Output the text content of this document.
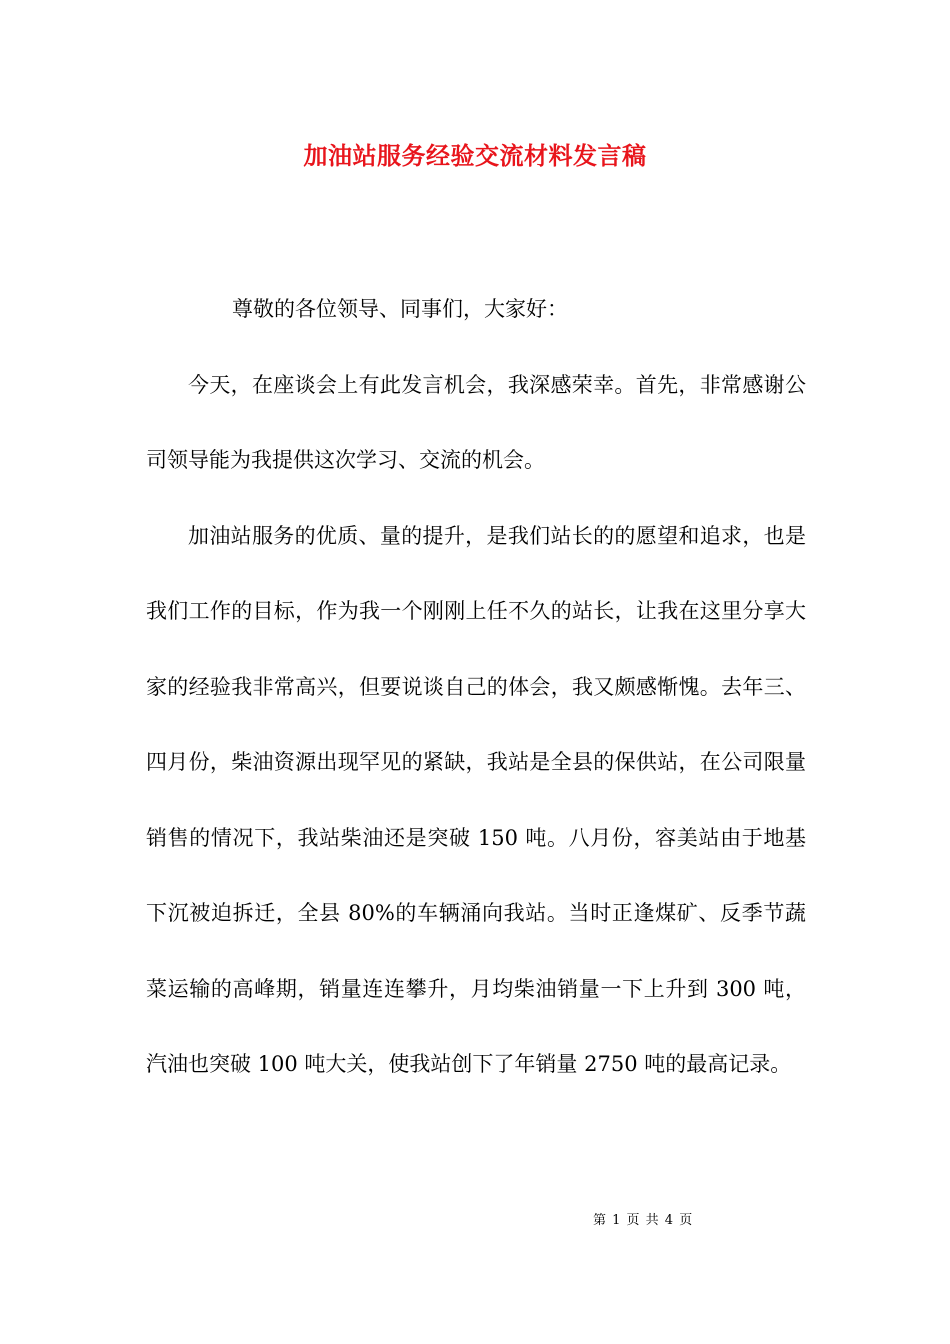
加油站服务经验交流材料发言稿

尊敬的各位领导、同事们，大家好：

今天，在座谈会上有此发言机会，我深感荣幸。首先，非常感谢公司领导能为我提供这次学习、交流的机会。

加油站服务的优质、量的提升，是我们站长的的愿望和追求，也是我们工作的目标，作为我一个刚刚上任不久的站长，让我在这里分享大家的经验我非常高兴，但要说谈自己的体会，我又颇感惭愧。去年三、四月份，柴油资源出现罕见的紧缺，我站是全县的保供站，在公司限量销售的情况下，我站柴油还是突破 150 吨。八月份，容美站由于地基下沉被迫拆迁，全县 80%的车辆涌向我站。当时正逢煤矿、反季节蔬菜运输的高峰期，销量连连攀升，月均柴油销量一下上升到 300 吨，汽油也突破 100 吨大关，使我站创下了年销量 2750 吨的最高记录。

第 1 页 共 4 页
